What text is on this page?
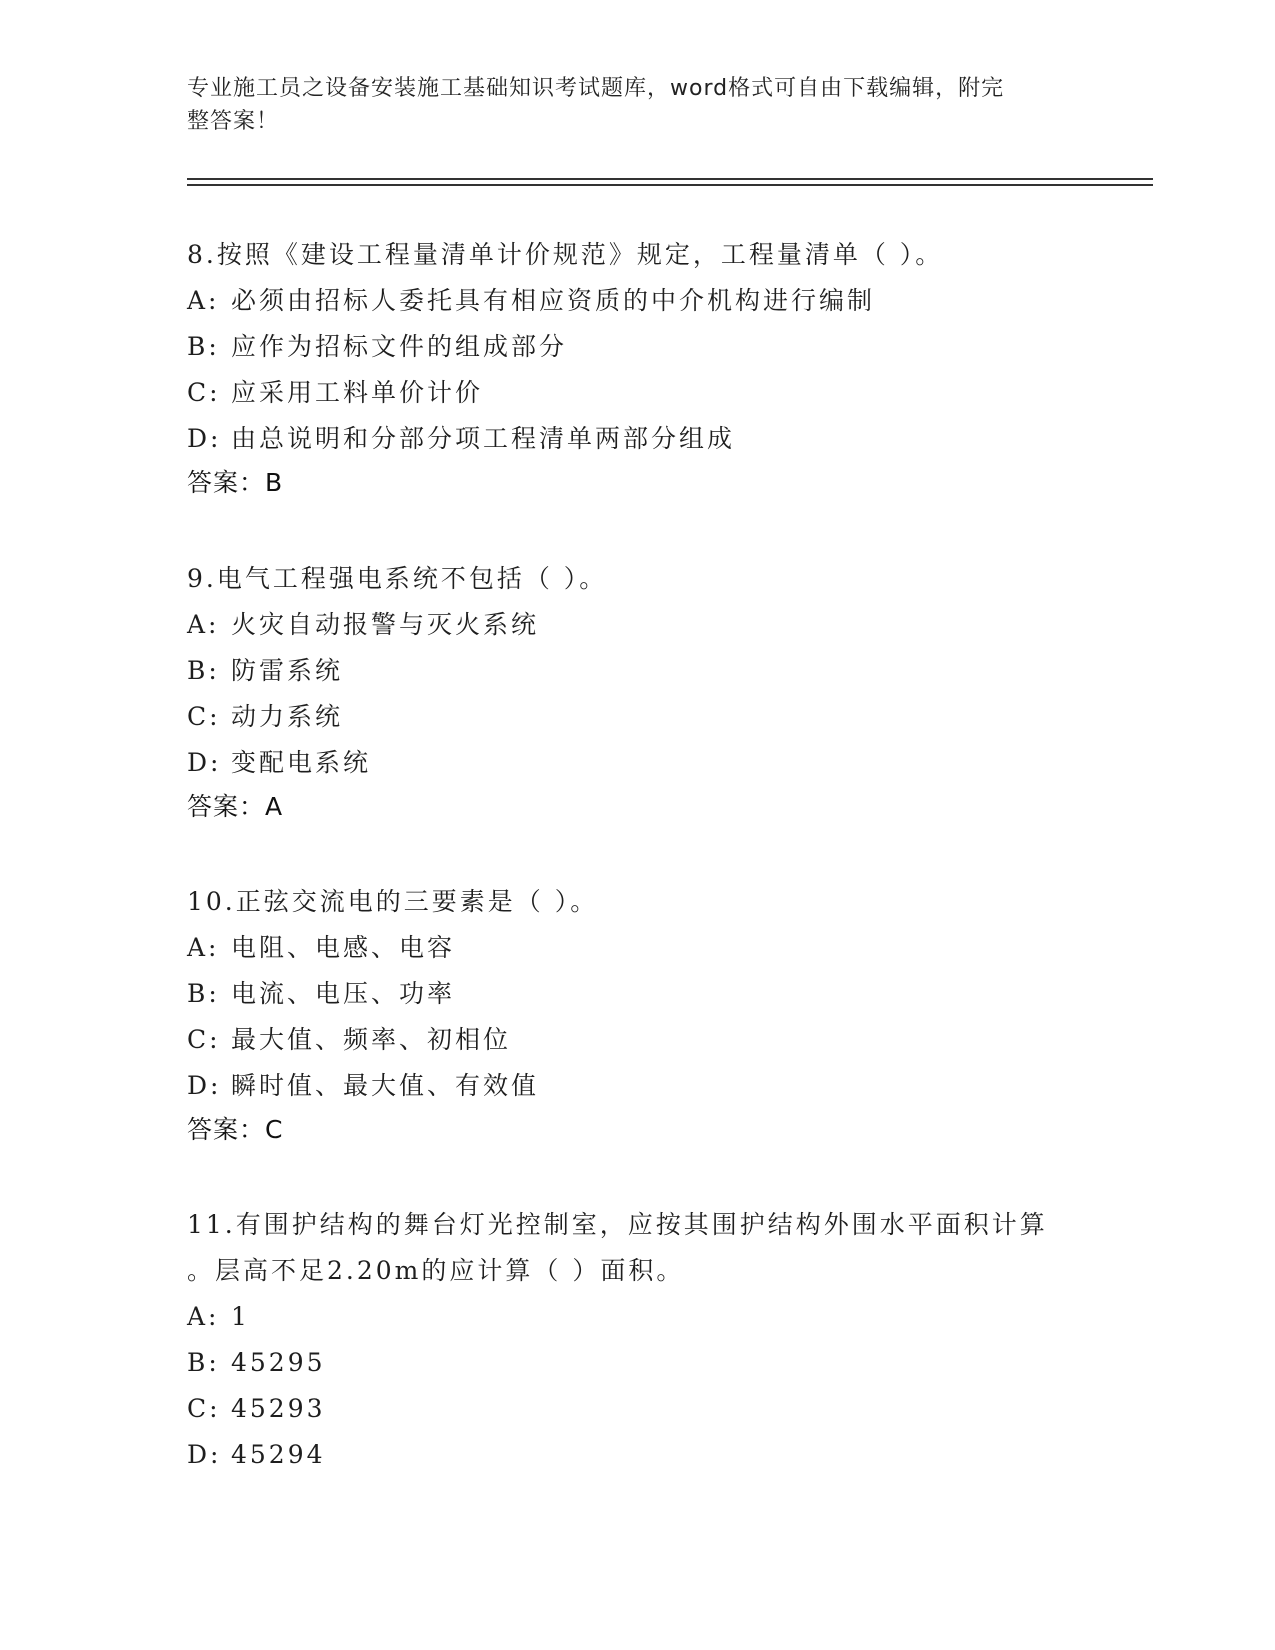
专业施工员之设备安装施工基础知识考试题库，word格式可自由下载编辑，附完
整答案！
8.按照《建设工程量清单计价规范》规定，工程量清单（ ）。
A: 必须由招标人委托具有相应资质的中介机构进行编制
B: 应作为招标文件的组成部分
C: 应采用工料单价计价
D: 由总说明和分部分项工程清单两部分组成
答案：B
9.电气工程强电系统不包括（ ）。
A: 火灾自动报警与灭火系统
B: 防雷系统
C: 动力系统
D: 变配电系统
答案：A
10.正弦交流电的三要素是（ ）。
A: 电阻、电感、电容
B: 电流、电压、功率
C: 最大值、频率、初相位
D: 瞬时值、最大值、有效值
答案：C
11.有围护结构的舞台灯光控制室，应按其围护结构外围水平面积计算
。层高不足2.20m的应计算（ ）面积。
A: 1
B: 45295
C: 45293
D: 45294
